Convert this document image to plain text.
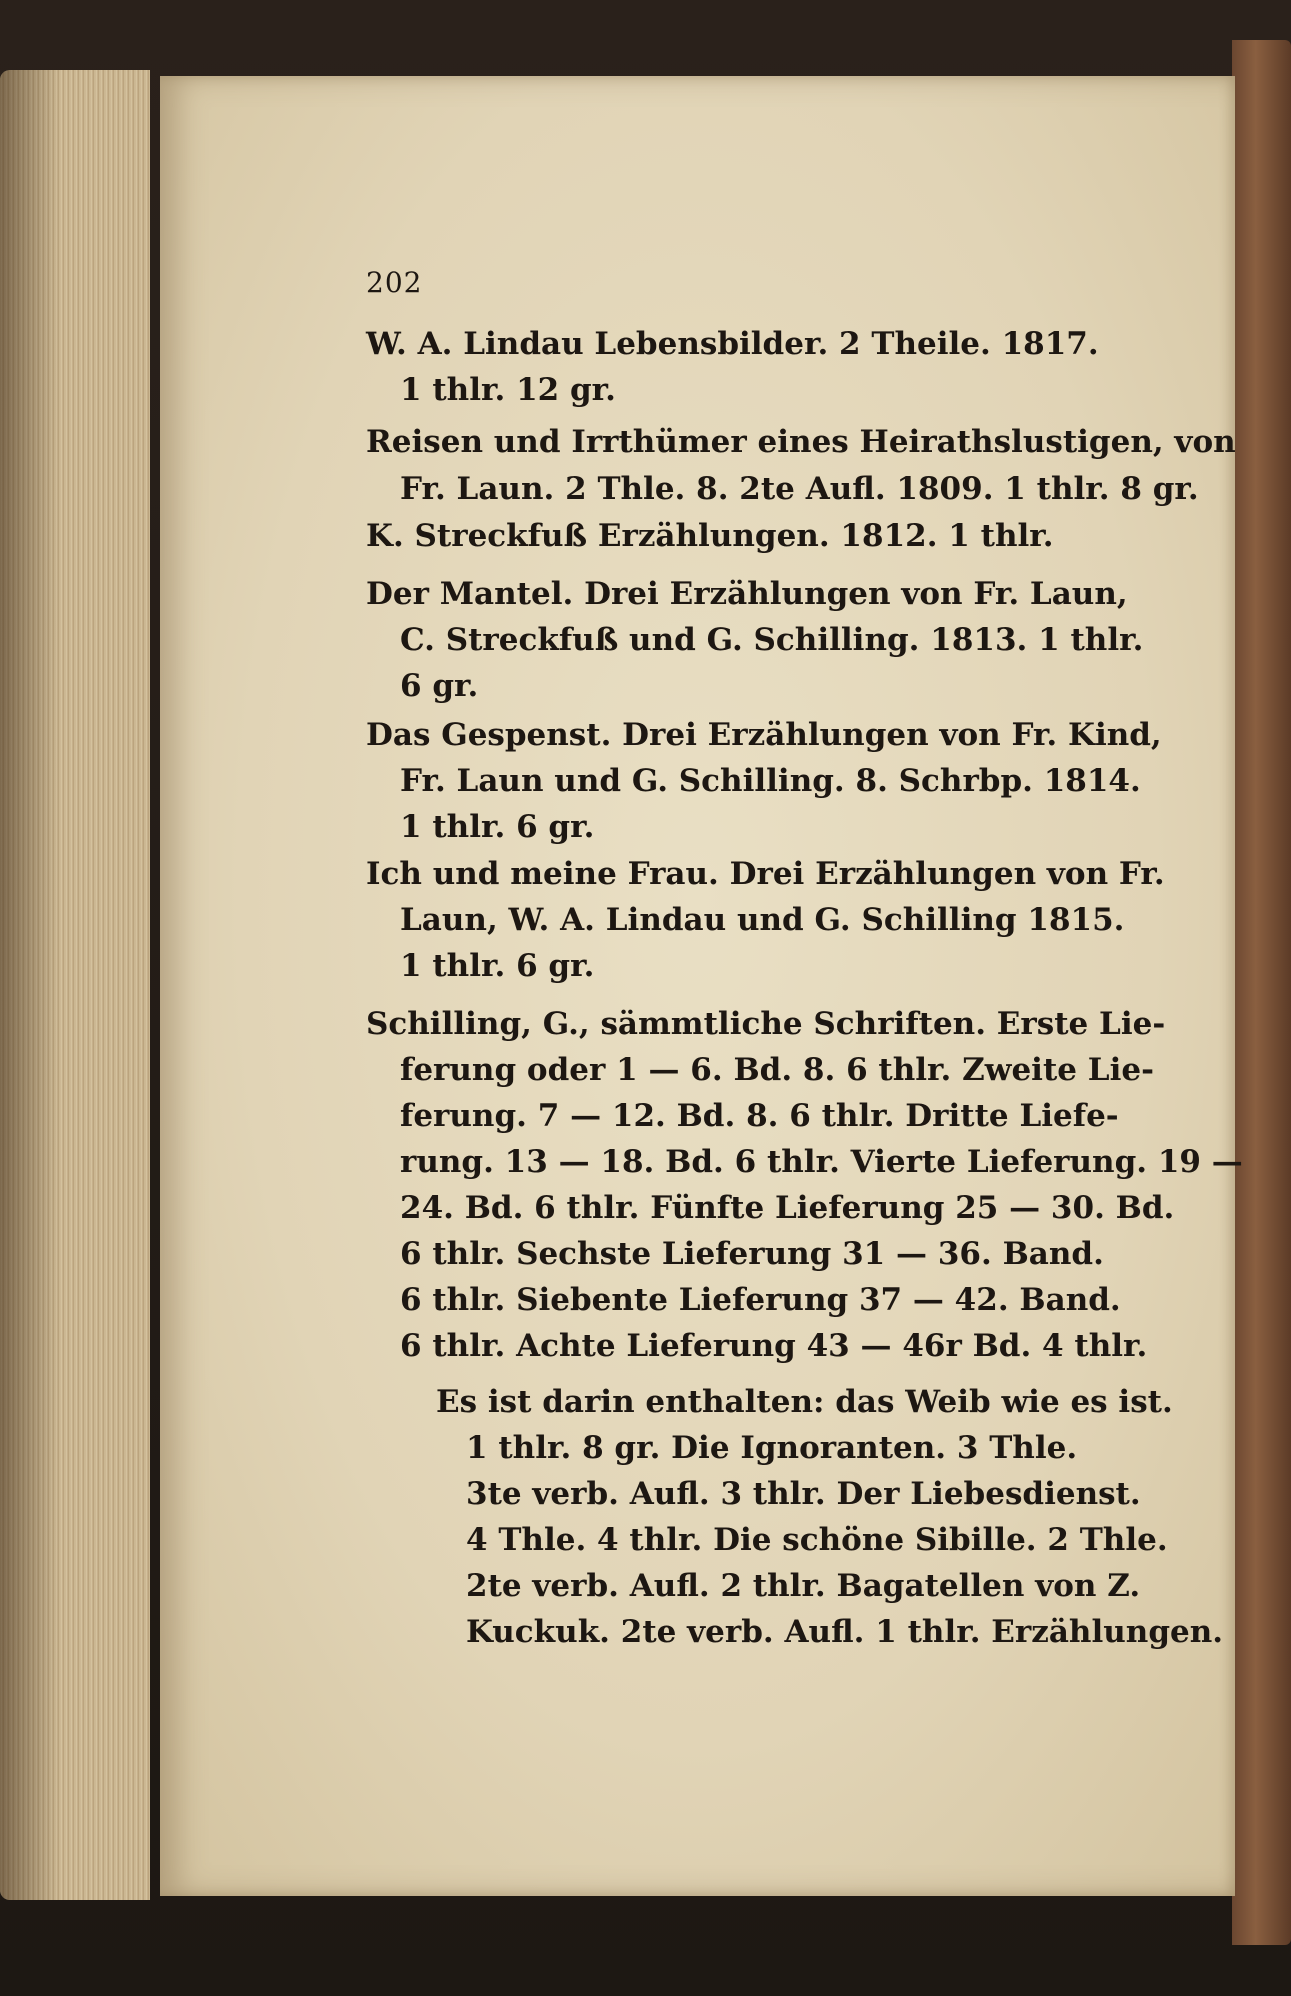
202
W. A. Lindau Lebensbilder. 2 Theile. 1817.
1 thlr. 12 gr.
Reisen und Irrthümer eines Heirathslustigen, von
Fr. Laun. 2 Thle. 8. 2te Aufl. 1809. 1 thlr. 8 gr.
K. Streckfuß Erzählungen. 1812. 1 thlr.
Der Mantel. Drei Erzählungen von Fr. Laun,
C. Streckfuß und G. Schilling. 1813. 1 thlr.
6 gr.
Das Gespenst. Drei Erzählungen von Fr. Kind,
Fr. Laun und G. Schilling. 8. Schrbp. 1814.
1 thlr. 6 gr.
Ich und meine Frau. Drei Erzählungen von Fr.
Laun, W. A. Lindau und G. Schilling 1815.
1 thlr. 6 gr.
Schilling, G., sämmtliche Schriften. Erste Lie-
ferung oder 1 — 6. Bd. 8. 6 thlr. Zweite Lie-
ferung. 7 — 12. Bd. 8. 6 thlr. Dritte Liefe-
rung. 13 — 18. Bd. 6 thlr. Vierte Lieferung. 19 —
24. Bd. 6 thlr. Fünfte Lieferung 25 — 30. Bd.
6 thlr. Sechste Lieferung 31 — 36. Band.
6 thlr. Siebente Lieferung 37 — 42. Band.
6 thlr. Achte Lieferung 43 — 46r Bd. 4 thlr.
Es ist darin enthalten: das Weib wie es ist.
1 thlr. 8 gr. Die Ignoranten. 3 Thle.
3te verb. Aufl. 3 thlr. Der Liebesdienst.
4 Thle. 4 thlr. Die schöne Sibille. 2 Thle.
2te verb. Aufl. 2 thlr. Bagatellen von Z.
Kuckuk. 2te verb. Aufl. 1 thlr. Erzählungen.
